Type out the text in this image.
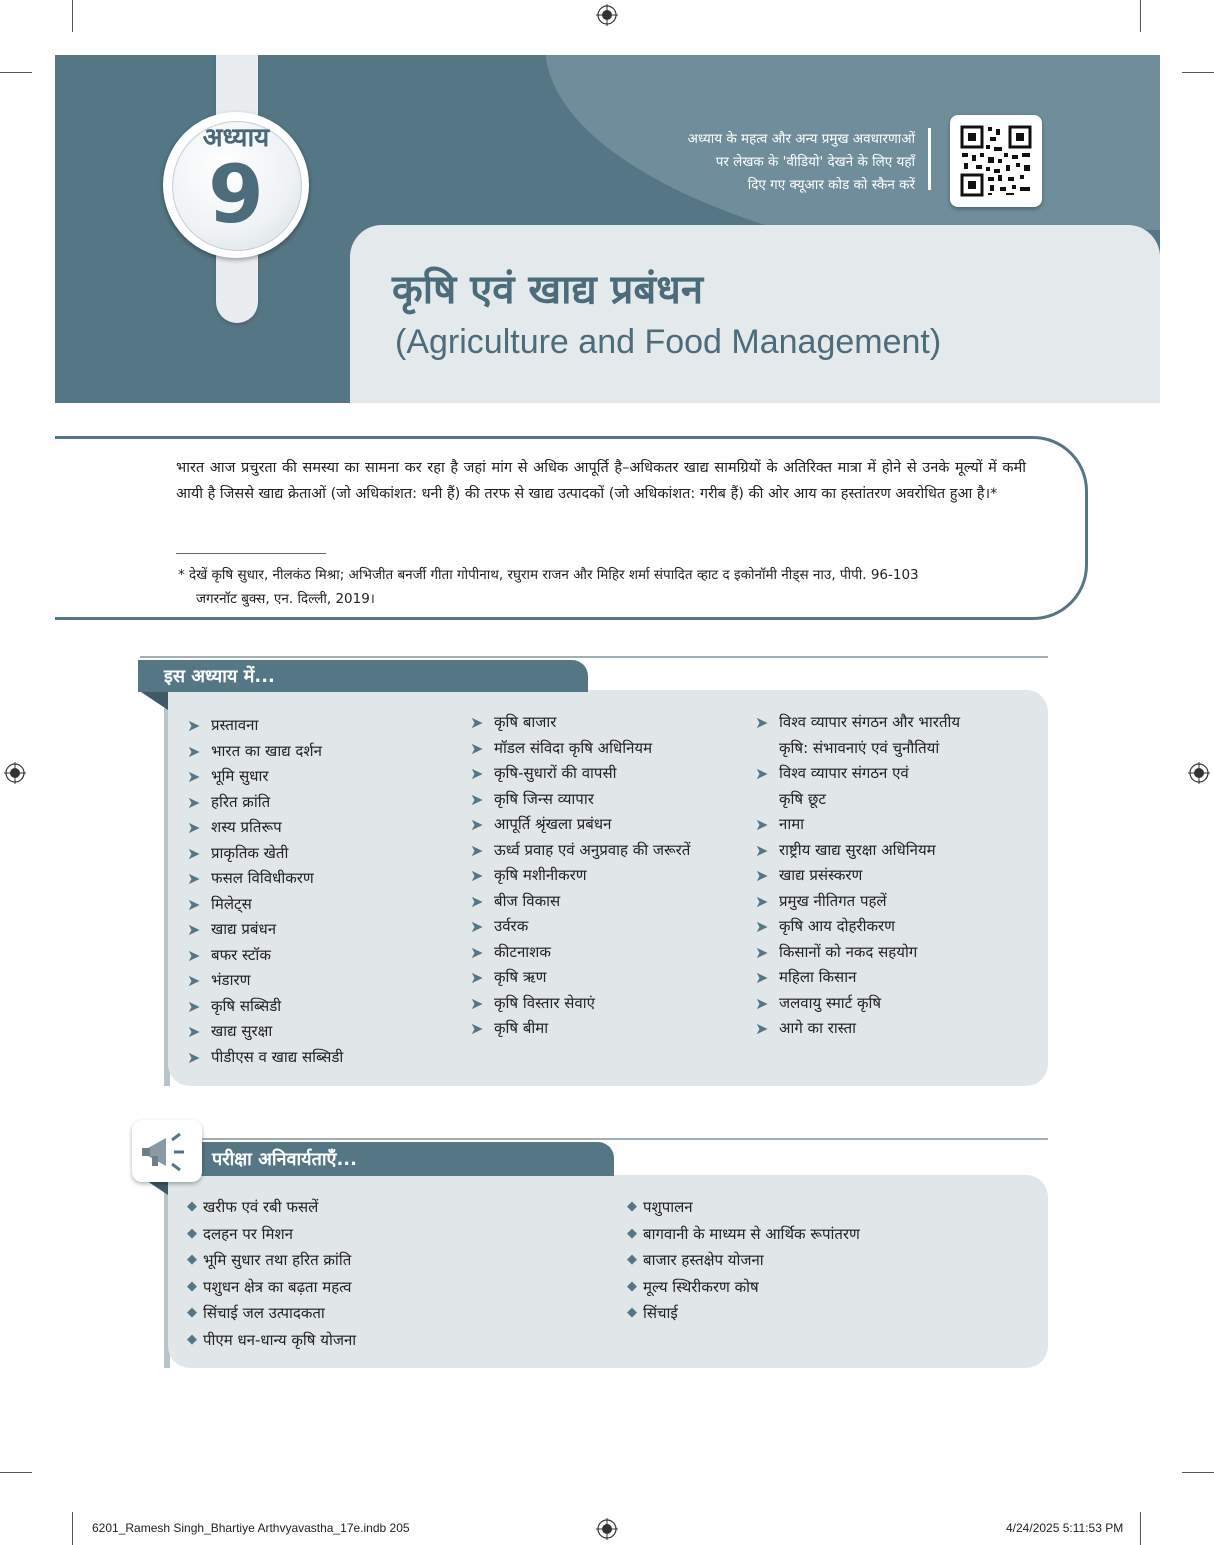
अध्याय
9
अध्याय के महत्व और अन्य प्रमुख अवधारणाओं
पर लेखक के 'वीडियो' देखने के लिए यहाँ
दिए गए क्यूआर कोड को स्कैन करें
कृषि एवं खाद्य प्रबंधन
(Agriculture and Food Management)
भारत आज प्रचुरता की समस्या का सामना कर रहा है जहां मांग से अधिक आपूर्ति है–अधिकतर खाद्य सामग्रियों के अतिरिक्त मात्रा में होने से उनके मूल्यों में कमी आयी है जिससे खाद्य क्रेताओं (जो अधिकांशत: धनी हैं) की तरफ से खाद्य उत्पादकों (जो अधिकांशत: गरीब हैं) की ओर आय का हस्तांतरण अवरोधित हुआ है।*
* देखें कृषि सुधार, नीलकंठ मिश्रा; अभिजीत बनर्जी गीता गोपीनाथ, रघुराम राजन और मिहिर शर्मा संपादित व्हाट द इकोनॉमी नीड्स नाउ, पीपी. 96-103
जगरनॉट बुक्स, एन. दिल्ली, 2019।
इस अध्याय में...
➤ प्रस्तावना
➤ भारत का खाद्य दर्शन
➤ भूमि सुधार
➤ हरित क्रांति
➤ शस्य प्रतिरूप
➤ प्राकृतिक खेती
➤ फसल विविधीकरण
➤ मिलेट्स
➤ खाद्य प्रबंधन
➤ बफर स्टॉक
➤ भंडारण
➤ कृषि सब्सिडी
➤ खाद्य सुरक्षा
➤ पीडीएस व खाद्य सब्सिडी
➤ कृषि बाजार
➤ मॉडल संविदा कृषि अधिनियम
➤ कृषि-सुधारों की वापसी
➤ कृषि जिन्स व्यापार
➤ आपूर्ति श्रृंखला प्रबंधन
➤ ऊर्ध्व प्रवाह एवं अनुप्रवाह की जरूरतें
➤ कृषि मशीनीकरण
➤ बीज विकास
➤ उर्वरक
➤ कीटनाशक
➤ कृषि ऋण
➤ कृषि विस्तार सेवाएं
➤ कृषि बीमा
➤ विश्व व्यापार संगठन और भारतीय
कृषि: संभावनाएं एवं चुनौतियां
➤ विश्व व्यापार संगठन एवं
कृषि छूट
➤ नामा
➤ राष्ट्रीय खाद्य सुरक्षा अधिनियम
➤ खाद्य प्रसंस्करण
➤ प्रमुख नीतिगत पहलें
➤ कृषि आय दोहरीकरण
➤ किसानों को नकद सहयोग
➤ महिला किसान
➤ जलवायु स्मार्ट कृषि
➤ आगे का रास्ता
परीक्षा अनिवार्यताएँ...
◆ खरीफ एवं रबी फसलें
◆ दलहन पर मिशन
◆ भूमि सुधार तथा हरित क्रांति
◆ पशुधन क्षेत्र का बढ़ता महत्व
◆ सिंचाई जल उत्पादकता
◆ पीएम धन-धान्य कृषि योजना
◆ पशुपालन
◆ बागवानी के माध्यम से आर्थिक रूपांतरण
◆ बाजार हस्तक्षेप योजना
◆ मूल्य स्थिरीकरण कोष
◆ सिंचाई
6201_Ramesh Singh_Bhartiye Arthvyavastha_17e.indb 205	4/24/2025 5:11:53 PM
